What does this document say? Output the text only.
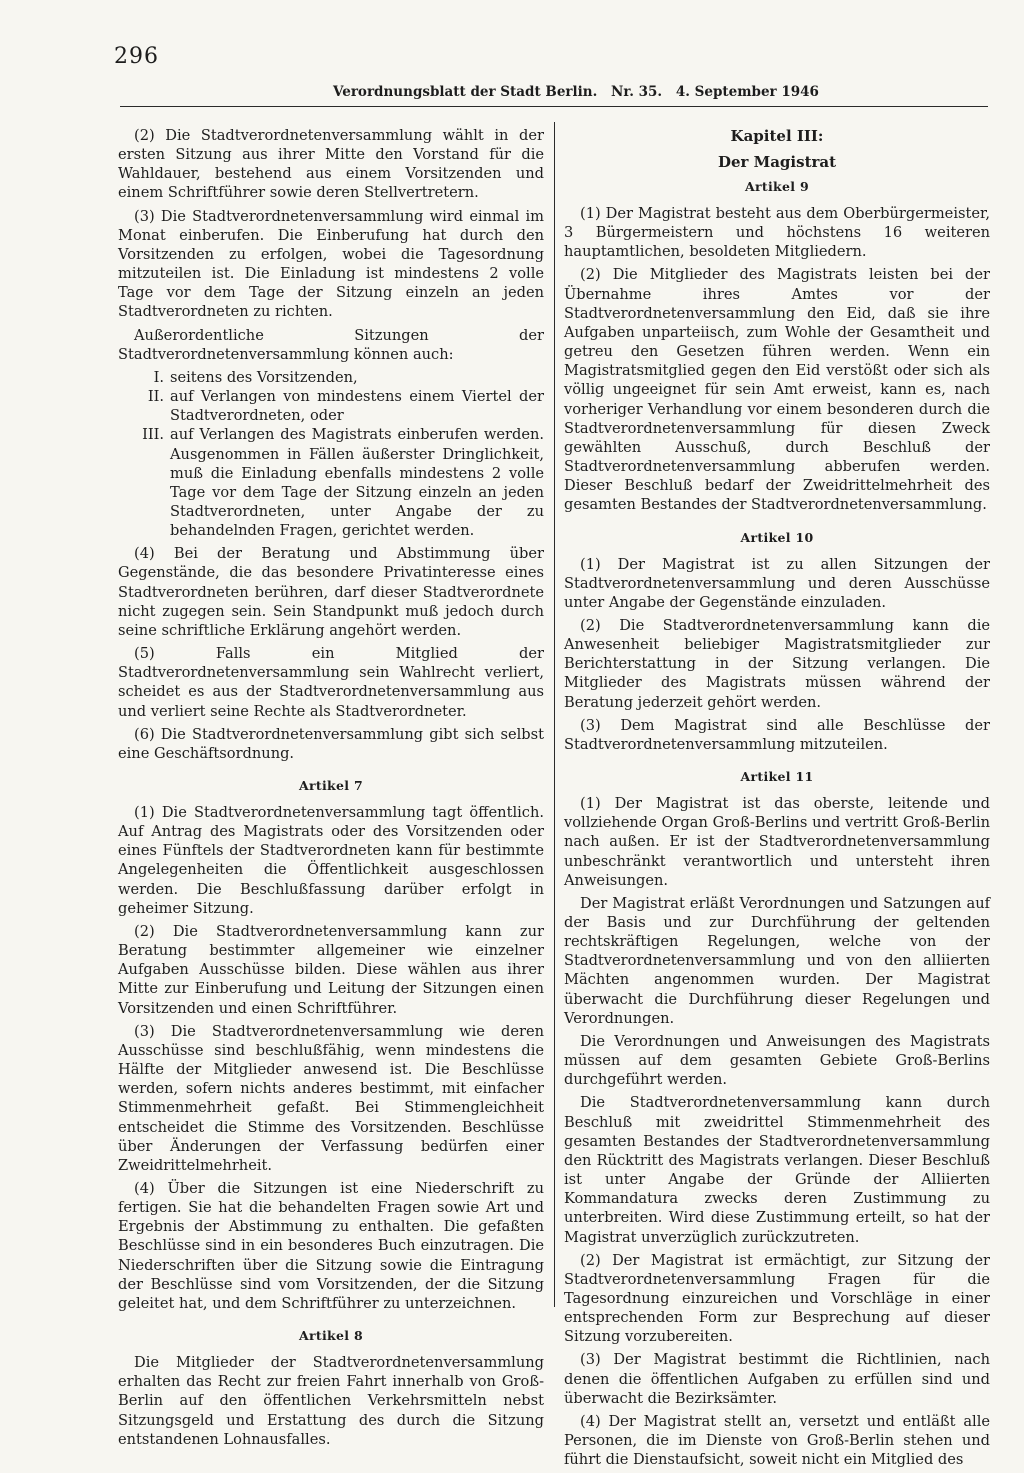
296
Verordnungsblatt der Stadt Berlin. Nr. 35. 4. September 1946

(2) Die Stadtverordnetenversammlung wählt in der ersten Sitzung aus ihrer Mitte den Vorstand für die Wahldauer, bestehend aus einem Vorsitzenden und einem Schriftführer sowie deren Stellvertretern.

(3) Die Stadtverordnetenversammlung wird einmal im Monat einberufen. Die Einberufung hat durch den Vorsitzenden zu erfolgen, wobei die Tagesordnung mitzuteilen ist. Die Einladung ist mindestens 2 volle Tage vor dem Tage der Sitzung einzeln an jeden Stadtverordneten zu richten.

Außerordentliche Sitzungen der Stadtverordnetenversammlung können auch:

I. seitens des Vorsitzenden,
II. auf Verlangen von mindestens einem Viertel der Stadtverordneten, oder
III. auf Verlangen des Magistrats einberufen werden. Ausgenommen in Fällen äußerster Dringlichkeit, muß die Einladung ebenfalls mindestens 2 volle Tage vor dem Tage der Sitzung einzeln an jeden Stadtverordneten, unter Angabe der zu behandelnden Fragen, gerichtet werden.

(4) Bei der Beratung und Abstimmung über Gegenstände, die das besondere Privatinteresse eines Stadtverordneten berühren, darf dieser Stadtverordnete nicht zugegen sein. Sein Standpunkt muß jedoch durch seine schriftliche Erklärung angehört werden.

(5) Falls ein Mitglied der Stadtverordnetenversammlung sein Wahlrecht verliert, scheidet es aus der Stadtverordnetenversammlung aus und verliert seine Rechte als Stadtverordneter.

(6) Die Stadtverordnetenversammlung gibt sich selbst eine Geschäftsordnung.

Artikel 7

(1) Die Stadtverordnetenversammlung tagt öffentlich. Auf Antrag des Magistrats oder des Vorsitzenden oder eines Fünftels der Stadtverordneten kann für bestimmte Angelegenheiten die Öffentlichkeit ausgeschlossen werden. Die Beschlußfassung darüber erfolgt in geheimer Sitzung.

(2) Die Stadtverordnetenversammlung kann zur Beratung bestimmter allgemeiner wie einzelner Aufgaben Ausschüsse bilden. Diese wählen aus ihrer Mitte zur Einberufung und Leitung der Sitzungen einen Vorsitzenden und einen Schriftführer.

(3) Die Stadtverordnetenversammlung wie deren Ausschüsse sind beschlußfähig, wenn mindestens die Hälfte der Mitglieder anwesend ist. Die Beschlüsse werden, sofern nichts anderes bestimmt, mit einfacher Stimmenmehrheit gefaßt. Bei Stimmengleichheit entscheidet die Stimme des Vorsitzenden. Beschlüsse über Änderungen der Verfassung bedürfen einer Zweidrittelmehrheit.

(4) Über die Sitzungen ist eine Niederschrift zu fertigen. Sie hat die behandelten Fragen sowie Art und Ergebnis der Abstimmung zu enthalten. Die gefaßten Beschlüsse sind in ein besonderes Buch einzutragen. Die Niederschriften über die Sitzung sowie die Eintragung der Beschlüsse sind vom Vorsitzenden, der die Sitzung geleitet hat, und dem Schriftführer zu unterzeichnen.

Artikel 8

Die Mitglieder der Stadtverordnetenversammlung erhalten das Recht zur freien Fahrt innerhalb von Groß-Berlin auf den öffentlichen Verkehrsmitteln nebst Sitzungsgeld und Erstattung des durch die Sitzung entstandenen Lohnausfalles.

Kapitel III:
Der Magistrat
Artikel 9

(1) Der Magistrat besteht aus dem Oberbürgermeister, 3 Bürgermeistern und höchstens 16 weiteren hauptamtlichen, besoldeten Mitgliedern.

(2) Die Mitglieder des Magistrats leisten bei der Übernahme ihres Amtes vor der Stadtverordnetenversammlung den Eid, daß sie ihre Aufgaben unparteiisch, zum Wohle der Gesamtheit und getreu den Gesetzen führen werden. Wenn ein Magistratsmitglied gegen den Eid verstößt oder sich als völlig ungeeignet für sein Amt erweist, kann es, nach vorheriger Verhandlung vor einem besonderen durch die Stadtverordnetenversammlung für diesen Zweck gewählten Ausschuß, durch Beschluß der Stadtverordnetenversammlung abberufen werden. Dieser Beschluß bedarf der Zweidrittelmehrheit des gesamten Bestandes der Stadtverordnetenversammlung.

Artikel 10

(1) Der Magistrat ist zu allen Sitzungen der Stadtverordnetenversammlung und deren Ausschüsse unter Angabe der Gegenstände einzuladen.

(2) Die Stadtverordnetenversammlung kann die Anwesenheit beliebiger Magistratsmitglieder zur Berichterstattung in der Sitzung verlangen. Die Mitglieder des Magistrats müssen während der Beratung jederzeit gehört werden.

(3) Dem Magistrat sind alle Beschlüsse der Stadtverordnetenversammlung mitzuteilen.

Artikel 11

(1) Der Magistrat ist das oberste, leitende und vollziehende Organ Groß-Berlins und vertritt Groß-Berlin nach außen. Er ist der Stadtverordnetenversammlung unbeschränkt verantwortlich und untersteht ihren Anweisungen.

Der Magistrat erläßt Verordnungen und Satzungen auf der Basis und zur Durchführung der geltenden rechtskräftigen Regelungen, welche von der Stadtverordnetenversammlung und von den alliierten Mächten angenommen wurden. Der Magistrat überwacht die Durchführung dieser Regelungen und Verordnungen.

Die Verordnungen und Anweisungen des Magistrats müssen auf dem gesamten Gebiete Groß-Berlins durchgeführt werden.

Die Stadtverordnetenversammlung kann durch Beschluß mit zweidrittel Stimmenmehrheit des gesamten Bestandes der Stadtverordnetenversammlung den Rücktritt des Magistrats verlangen. Dieser Beschluß ist unter Angabe der Gründe der Alliierten Kommandatura zwecks deren Zustimmung zu unterbreiten. Wird diese Zustimmung erteilt, so hat der Magistrat unverzüglich zurückzutreten.

(2) Der Magistrat ist ermächtigt, zur Sitzung der Stadtverordnetenversammlung Fragen für die Tagesordnung einzureichen und Vorschläge in einer entsprechenden Form zur Besprechung auf dieser Sitzung vorzubereiten.

(3) Der Magistrat bestimmt die Richtlinien, nach denen die öffentlichen Aufgaben zu erfüllen sind und überwacht die Bezirksämter.

(4) Der Magistrat stellt an, versetzt und entläßt alle Personen, die im Dienste von Groß-Berlin stehen und führt die Dienstaufsicht, soweit nicht ein Mitglied des
